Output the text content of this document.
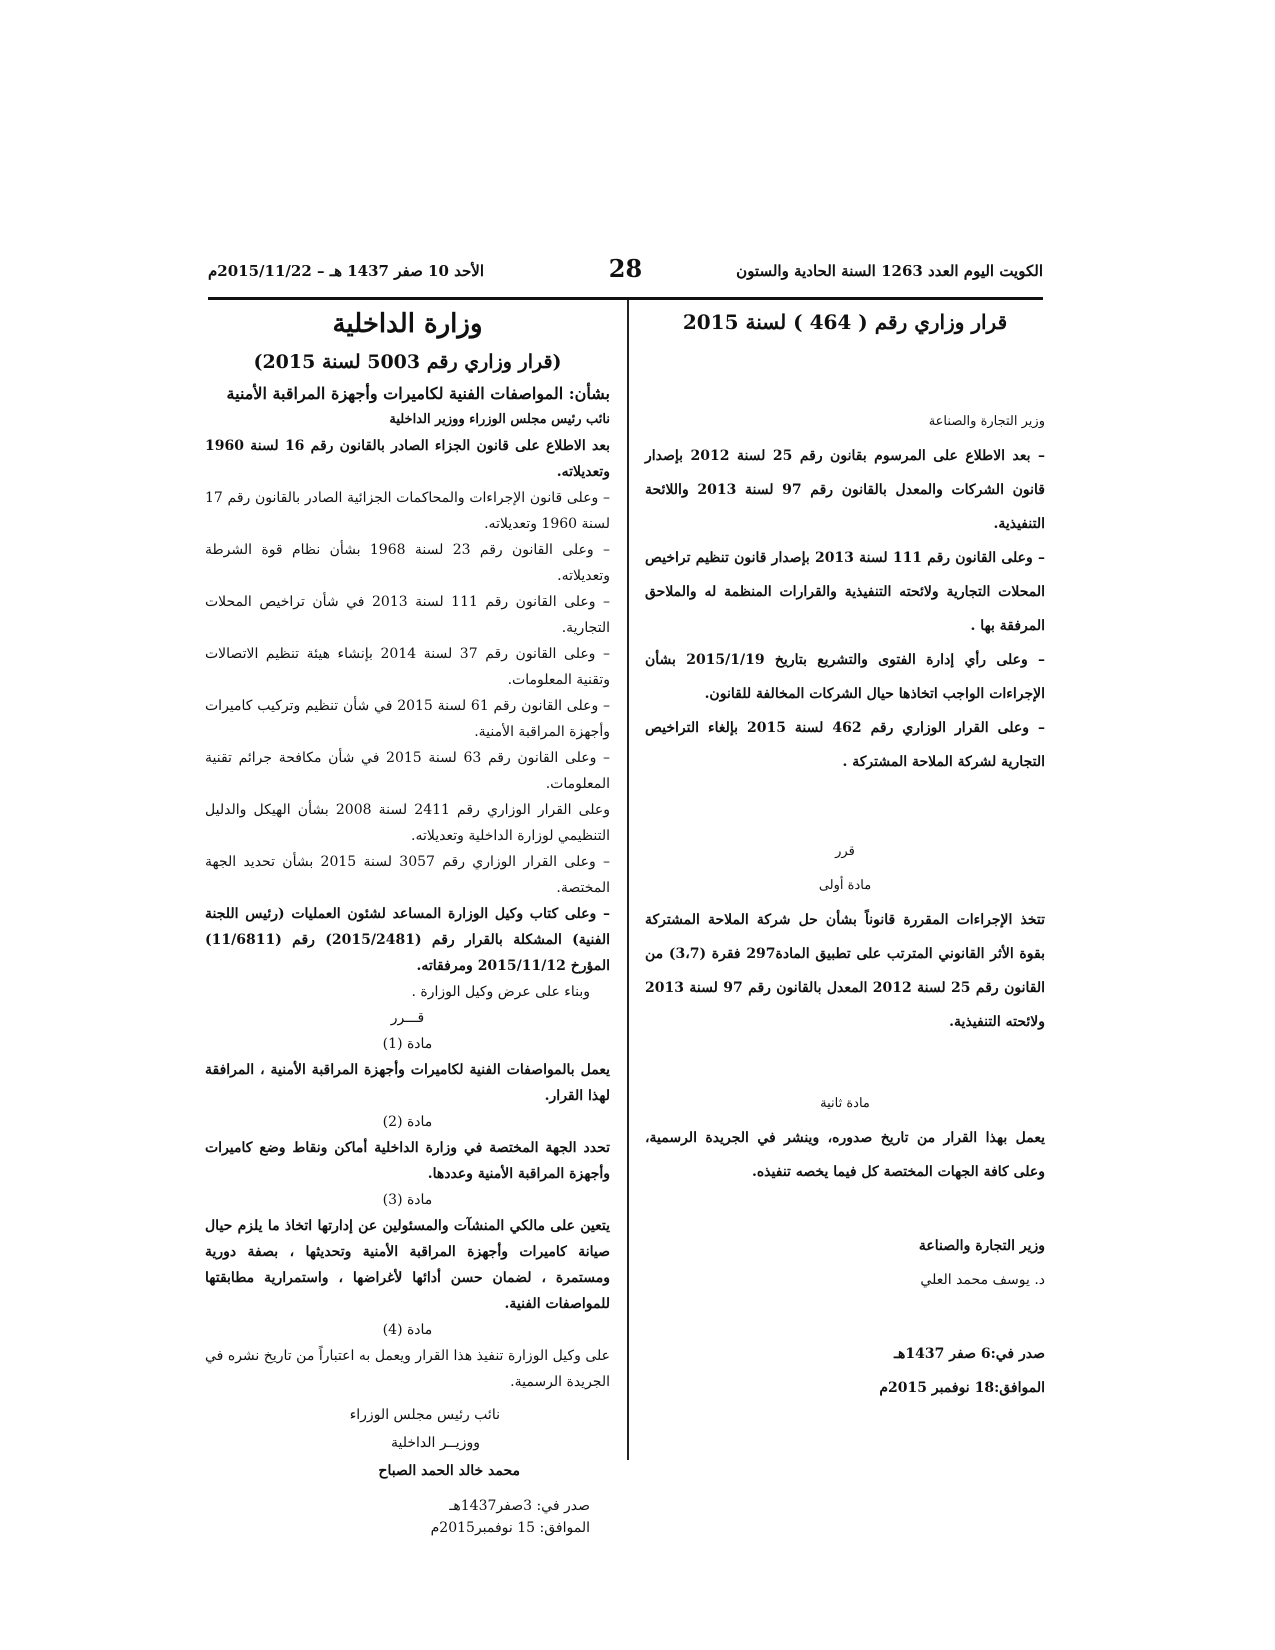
الكويت اليوم العدد 1263 السنة الحادية والستون
28
الأحد 10 صفر 1437 هـ – 2015/11/22م
قرار وزاري رقم ( 464 ) لسنة 2015

وزير التجارة والصناعة

– بعد الاطلاع على المرسوم بقانون رقم 25 لسنة 2012 بإصدار قانون الشركات والمعدل بالقانون رقم 97 لسنة 2013 واللائحة التنفيذية.

– وعلى القانون رقم 111 لسنة 2013 بإصدار قانون تنظيم تراخيص المحلات التجارية ولائحته التنفيذية والقرارات المنظمة له والملاحق المرفقة بها .

– وعلى رأي إدارة الفتوى والتشريع بتاريخ 2015/1/19 بشأن الإجراءات الواجب اتخاذها حيال الشركات المخالفة للقانون.

– وعلى القرار الوزاري رقم 462 لسنة 2015 بإلغاء التراخيص التجارية لشركة الملاحة المشتركة .

قرر

مادة أولى

تتخذ الإجراءات المقررة قانوناً بشأن حل شركة الملاحة المشتركة بقوة الأثر القانوني المترتب على تطبيق المادة297 فقرة (3،7) من القانون رقم 25 لسنة 2012 المعدل بالقانون رقم 97 لسنة 2013 ولائحته التنفيذية.

مادة ثانية

يعمل بهذا القرار من تاريخ صدوره، وينشر في الجريدة الرسمية، وعلى كافة الجهات المختصة كل فيما يخصه تنفيذه.

وزير التجارة والصناعة

د. يوسف محمد العلي

صدر في:6 صفر 1437هـ

الموافق:18 نوفمبر 2015م

وزارة الداخلية
(قرار وزاري رقم 5003 لسنة 2015)

بشأن: المواصفات الفنية لكاميرات وأجهزة المراقبة الأمنية

نائب رئيس مجلس الوزراء ووزير الداخلية

بعد الاطلاع على قانون الجزاء الصادر بالقانون رقم 16 لسنة 1960 وتعديلاته.

– وعلى قانون الإجراءات والمحاكمات الجزائية الصادر بالقانون رقم 17 لسنة 1960 وتعديلاته.

– وعلى القانون رقم 23 لسنة 1968 بشأن نظام قوة الشرطة وتعديلاته.

– وعلى القانون رقم 111 لسنة 2013 في شأن تراخيص المحلات التجارية.

– وعلى القانون رقم 37 لسنة 2014 بإنشاء هيئة تنظيم الاتصالات وتقنية المعلومات.

– وعلى القانون رقم 61 لسنة 2015 في شأن تنظيم وتركيب كاميرات وأجهزة المراقبة الأمنية.

– وعلى القانون رقم 63 لسنة 2015 في شأن مكافحة جرائم تقنية المعلومات.

وعلى القرار الوزاري رقم 2411 لسنة 2008 بشأن الهيكل والدليل التنظيمي لوزارة الداخلية وتعديلاته.

– وعلى القرار الوزاري رقم 3057 لسنة 2015 بشأن تحديد الجهة المختصة.

– وعلى كتاب وكيل الوزارة المساعد لشئون العمليات (رئيس اللجنة الفنية) المشكلة بالقرار رقم (2015/2481) رقم (11/6811) المؤرخ 2015/11/12 ومرفقاته.

وبناء على عرض وكيل الوزارة .

قـــرر

مادة (1)

يعمل بالمواصفات الفنية لكاميرات وأجهزة المراقبة الأمنية ، المرافقة لهذا القرار.

مادة (2)

تحدد الجهة المختصة في وزارة الداخلية أماكن ونقاط وضع كاميرات وأجهزة المراقبة الأمنية وعددها.

مادة (3)

يتعين على مالكي المنشآت والمسئولين عن إدارتها اتخاذ ما يلزم حيال صيانة كاميرات وأجهزة المراقبة الأمنية وتحديثها ، بصفة دورية ومستمرة ، لضمان حسن أدائها لأغراضها ، واستمرارية مطابقتها للمواصفات الفنية.

مادة (4)

على وكيل الوزارة تنفيذ هذا القرار ويعمل به اعتباراً من تاريخ نشره في الجريدة الرسمية.

نائب رئيس مجلس الوزراء

ووزيــر الداخلية

محمد خالد الحمد الصباح

صدر في: 3صفر1437هـ

الموافق: 15 نوفمبر2015م
